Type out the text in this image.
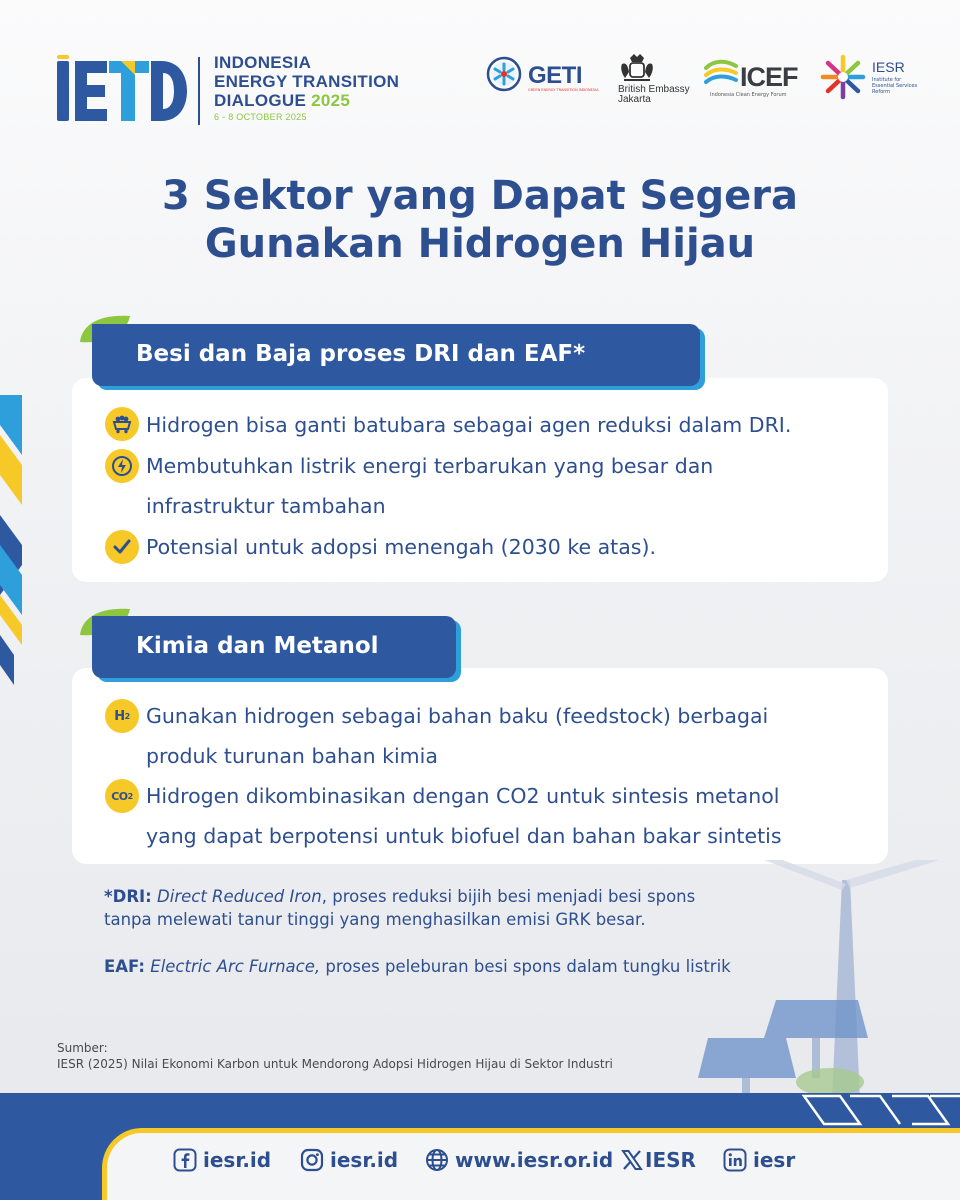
INDONESIA
ENERGY TRANSITION
DIALOGUE 2025
6 - 8 OCTOBER 2025
GETI
GREEN ENERGY TRANSITION INDONESIA British Embassy
Jakarta
ICEF
Indonesia Clean Energy Forum
IESR
Institute for
Essential Services
Reform
3 Sektor yang Dapat Segera
Gunakan Hidrogen Hijau
Besi dan Baja proses DRI dan EAF*
Hidrogen bisa ganti batubara sebagai agen reduksi dalam DRI.
Membutuhkan listrik energi terbarukan yang besar dan
infrastruktur tambahan
Potensial untuk adopsi menengah (2030 ke atas).
Kimia dan Metanol
H 2 Gunakan hidrogen sebagai bahan baku (feedstock) berbagai
produk turunan bahan kimia
CO 2 Hidrogen dikombinasikan dengan CO2 untuk sintesis metanol
yang dapat berpotensi untuk biofuel dan bahan bakar sintetis
*DRI: Direct Reduced Iron, proses reduksi bijih besi menjadi besi spons
tanpa melewati tanur tinggi yang menghasilkan emisi GRK besar.
EAF: Electric Arc Furnace, proses peleburan besi spons dalam tungku listrik
Sumber:
IESR (2025) Nilai Ekonomi Karbon untuk Mendorong Adopsi Hidrogen Hijau di Sektor Industri
iesr.id	iesr.id	www.iesr.or.id IESR	iesr
